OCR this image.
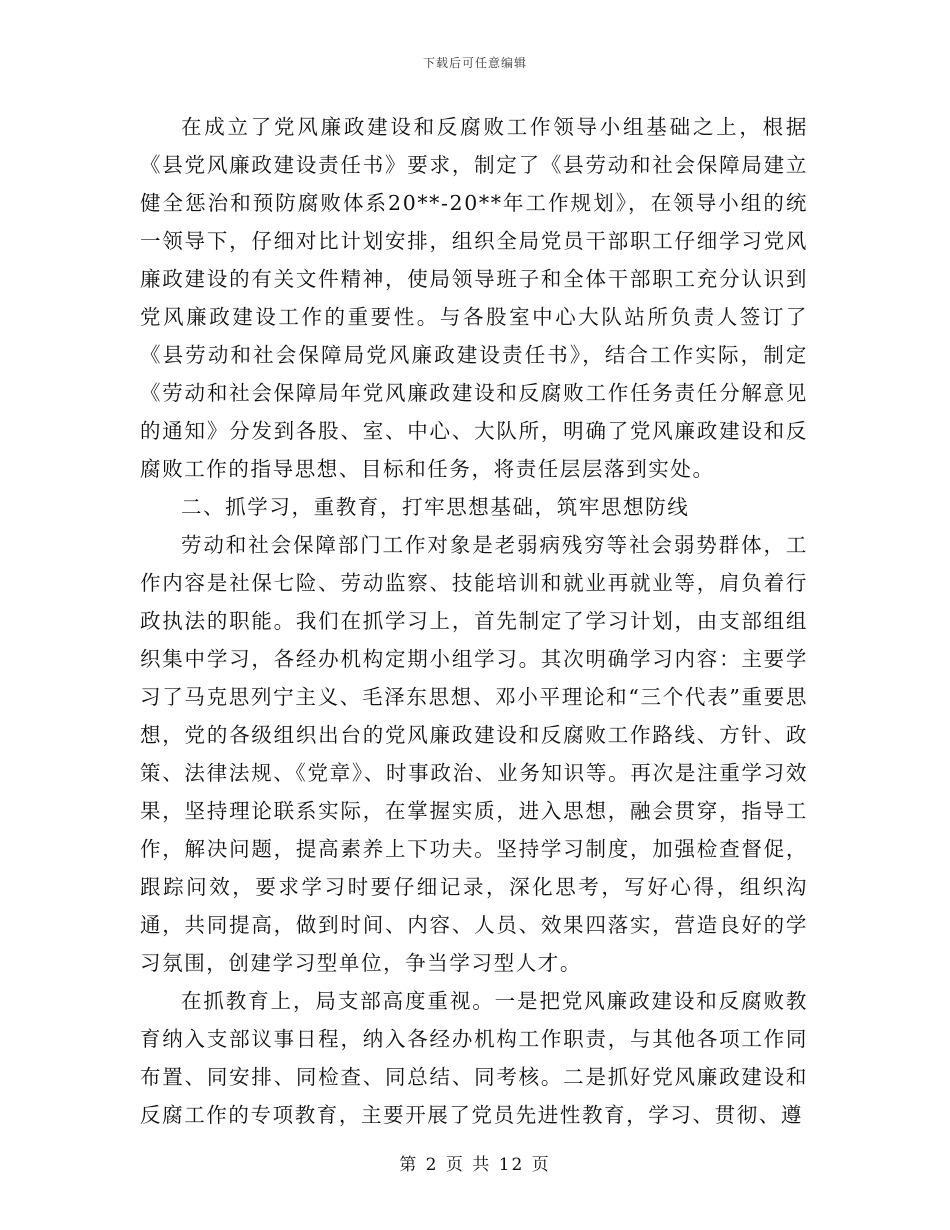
下载后可任意编辑

在成立了党风廉政建设和反腐败工作领导小组基础之上，根据《县党风廉政建设责任书》要求，制定了《县劳动和社会保障局建立健全惩治和预防腐败体系20**-20**年工作规划》，在领导小组的统一领导下，仔细对比计划安排，组织全局党员干部职工仔细学习党风廉政建设的有关文件精神，使局领导班子和全体干部职工充分认识到党风廉政建设工作的重要性。与各股室中心大队站所负责人签订了《县劳动和社会保障局党风廉政建设责任书》，结合工作实际，制定《劳动和社会保障局年党风廉政建设和反腐败工作任务责任分解意见的通知》分发到各股、室、中心、大队所，明确了党风廉政建设和反腐败工作的指导思想、目标和任务，将责任层层落到实处。

二、抓学习，重教育，打牢思想基础，筑牢思想防线

劳动和社会保障部门工作对象是老弱病残穷等社会弱势群体，工作内容是社保七险、劳动监察、技能培训和就业再就业等，肩负着行政执法的职能。我们在抓学习上，首先制定了学习计划，由支部组组织集中学习，各经办机构定期小组学习。其次明确学习内容：主要学习了马克思列宁主义、毛泽东思想、邓小平理论和“三个代表”重要思想，党的各级组织出台的党风廉政建设和反腐败工作路线、方针、政策、法律法规、《党章》、时事政治、业务知识等。再次是注重学习效果，坚持理论联系实际，在掌握实质，进入思想，融会贯穿，指导工作，解决问题，提高素养上下功夫。坚持学习制度，加强检查督促，跟踪问效，要求学习时要仔细记录，深化思考，写好心得，组织沟通，共同提高，做到时间、内容、人员、效果四落实，营造良好的学习氛围，创建学习型单位，争当学习型人才。

在抓教育上，局支部高度重视。一是把党风廉政建设和反腐败教育纳入支部议事日程，纳入各经办机构工作职责，与其他各项工作同布置、同安排、同检查、同总结、同考核。二是抓好党风廉政建设和反腐工作的专项教育，主要开展了党员先进性教育，学习、贯彻、遵

第 2 页 共 12 页
